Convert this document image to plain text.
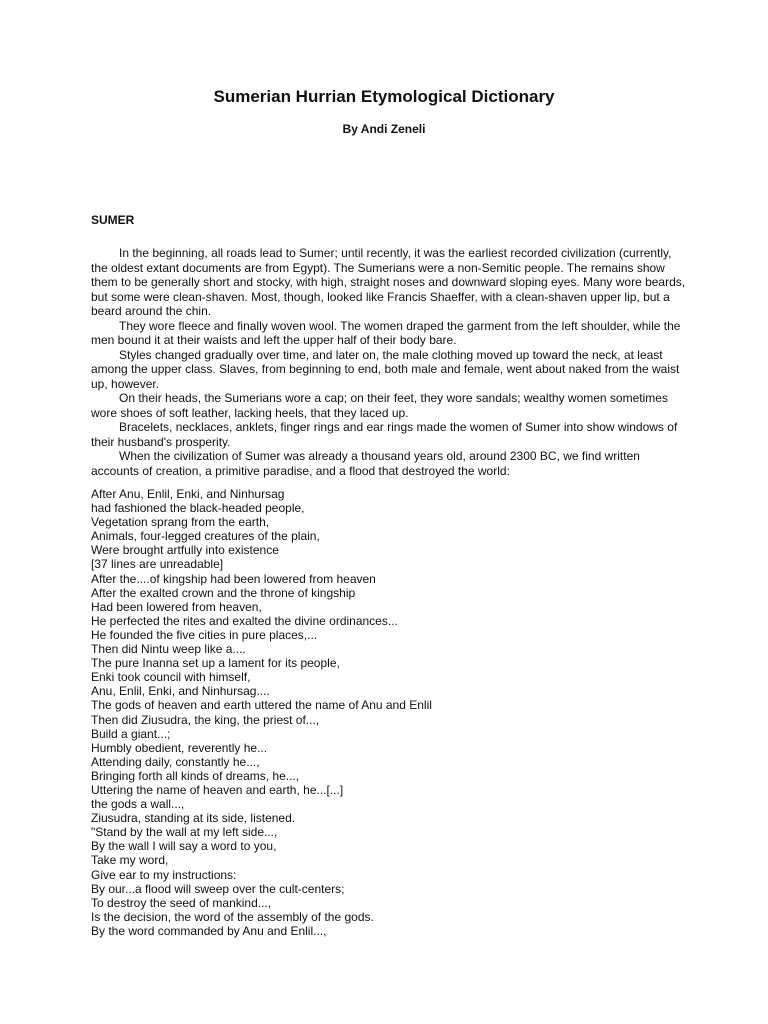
Sumerian Hurrian Etymological Dictionary
By Andi Zeneli
SUMER

In the beginning, all roads lead to Sumer; until recently, it was the earliest recorded civilization (currently, the oldest extant documents are from Egypt). The Sumerians were a non-Semitic people. The remains show them to be generally short and stocky, with high, straight noses and downward sloping eyes. Many wore beards, but some were clean-shaven. Most, though, looked like Francis Shaeffer, with a clean-shaven upper lip, but a beard around the chin.

They wore fleece and finally woven wool. The women draped the garment from the left shoulder, while the men bound it at their waists and left the upper half of their body bare.

Styles changed gradually over time, and later on, the male clothing moved up toward the neck, at least among the upper class. Slaves, from beginning to end, both male and female, went about naked from the waist up, however.

On their heads, the Sumerians wore a cap; on their feet, they wore sandals; wealthy women sometimes wore shoes of soft leather, lacking heels, that they laced up.

Bracelets, necklaces, anklets, finger rings and ear rings made the women of Sumer into show windows of their husband's prosperity.

When the civilization of Sumer was already a thousand years old, around 2300 BC, we find written accounts of creation, a primitive paradise, and a flood that destroyed the world:

After Anu, Enlil, Enki, and Ninhursag
had fashioned the black-headed people,
Vegetation sprang from the earth,
Animals, four-legged creatures of the plain,
Were brought artfully into existence
[37 lines are unreadable]
After the....of kingship had been lowered from heaven
After the exalted crown and the throne of kingship
Had been lowered from heaven,
He perfected the rites and exalted the divine ordinances...
He founded the five cities in pure places,...
Then did Nintu weep like a....
The pure Inanna set up a lament for its people,
Enki took council with himself,
Anu, Enlil, Enki, and Ninhursag....
The gods of heaven and earth uttered the name of Anu and Enlil
Then did Ziusudra, the king, the priest of...,
Build a giant...;
Humbly obedient, reverently he...
Attending daily, constantly he...,
Bringing forth all kinds of dreams, he...,
Uttering the name of heaven and earth, he...[...]
the gods a wall...,
Ziusudra, standing at its side, listened.
"Stand by the wall at my left side...,
By the wall I will say a word to you,
Take my word,
Give ear to my instructions:
By our...a flood will sweep over the cult-centers;
To destroy the seed of mankind...,
Is the decision, the word of the assembly of the gods.
By the word commanded by Anu and Enlil...,
